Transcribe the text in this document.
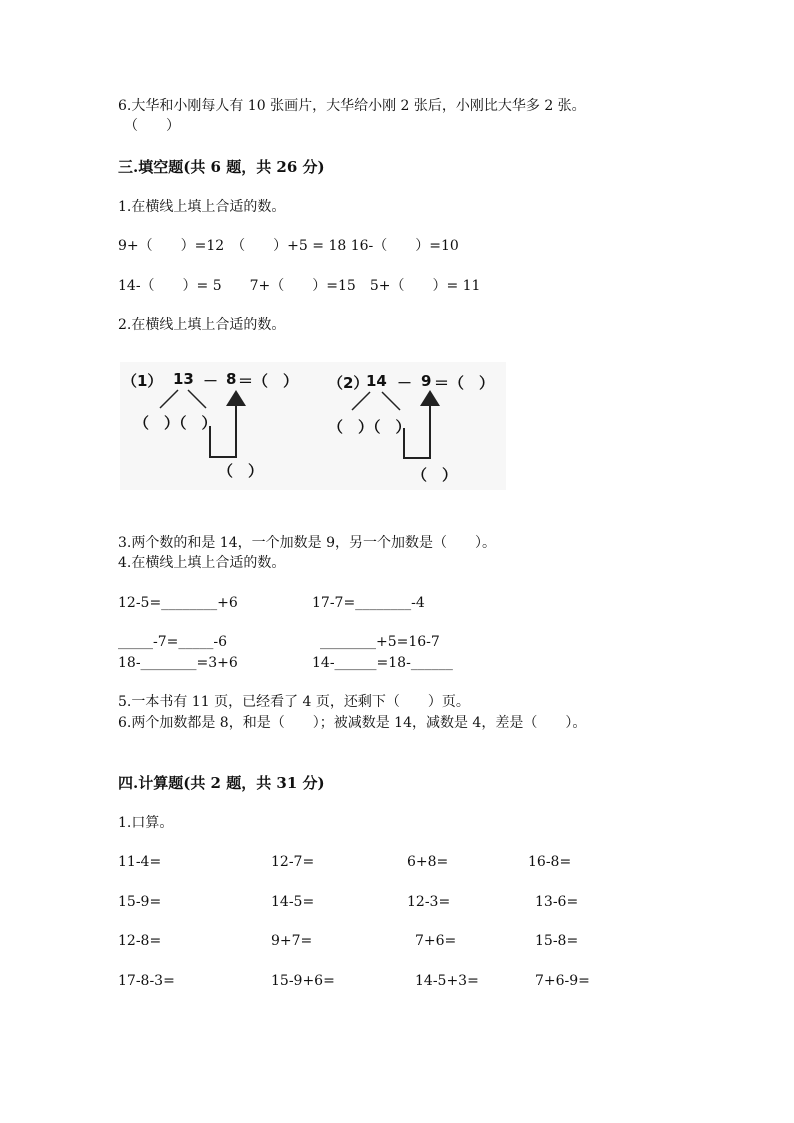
6.大华和小刚每人有 10 张画片，大华给小刚 2 张后，小刚比大华多 2 张。
（　　）
三.填空题(共 6 题，共 26 分)
1.在横线上填上合适的数。
9+（　　）=12　（　　）+5 = 18 16-（　　）=10
14-（　　）= 5　　7+（　　）=15　5+（　　）= 11
2.在横线上填上合适的数。
（1） 13 － 8 ＝（　）
（　）（　）
（　）
（2）
14 － 9 ＝（　）
（　）（　）
（　）
3.两个数的和是 14，一个加数是 9，另一个加数是（　　）。
4.在横线上填上合适的数。
12-5=________+6	17-7=________-4
_____-7=_____-6	________+5=16-7
18-________=3+6	14-______=18-______
5.一本书有 11 页，已经看了 4 页，还剩下（　　）页。
6.两个加数都是 8，和是（　　）；被减数是 14，减数是 4，差是（　　）。
四.计算题(共 2 题，共 31 分)
1.口算。
11-4=	12-7=	6+8=	16-8=
15-9=	14-5=	12-3=	13-6=
12-8=	9+7=	7+6=	15-8=
17-8-3=	15-9+6=	14-5+3=	7+6-9=
